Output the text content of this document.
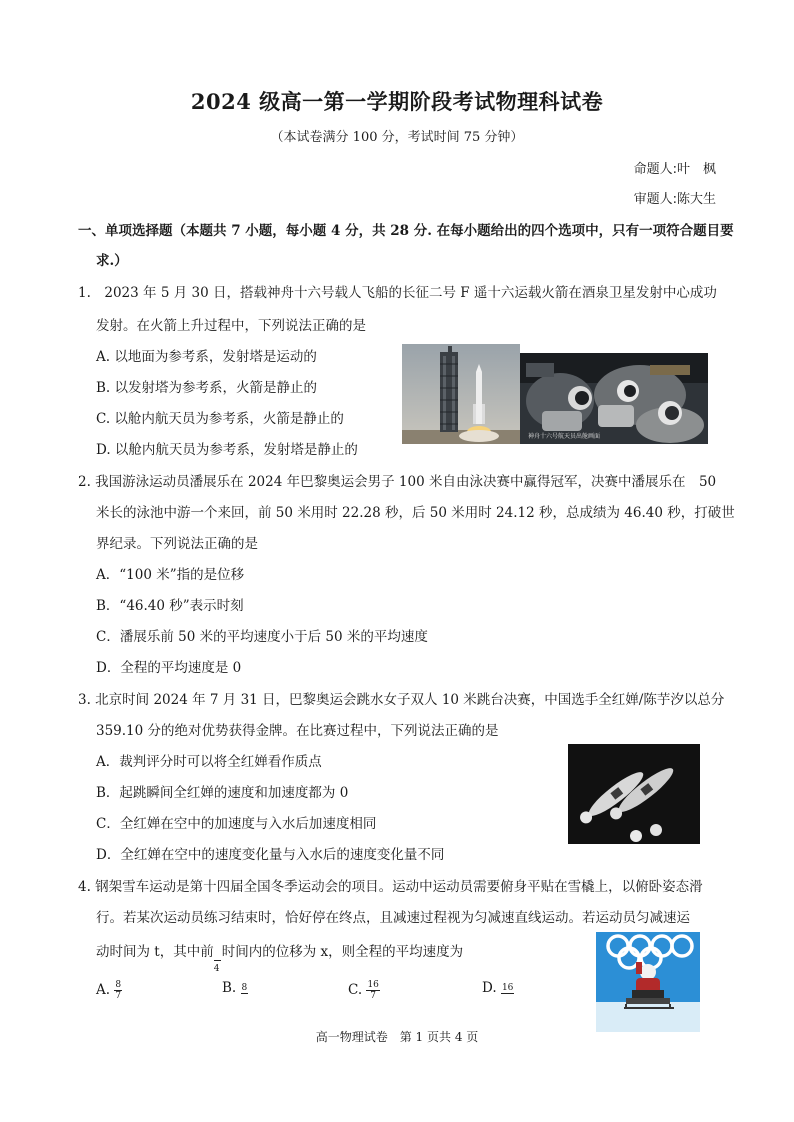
2024 级高一第一学期阶段考试物理科试卷
（本试卷满分 100 分，考试时间 75 分钟）
命题人:叶　枫
审题人:陈大生
一、单项选择题（本题共 7 小题，每小题 4 分，共 28 分. 在每小题给出的四个选项中，只有一项符合题目要
求.）
1.　2023 年 5 月 30 日，搭载神舟十六号载人飞船的长征二号 F 遥十六运载火箭在酒泉卫星发射中心成功
发射。在火箭上升过程中，下列说法正确的是
A. 以地面为参考系，发射塔是运动的
B. 以发射塔为参考系，火箭是静止的
C. 以舱内航天员为参考系，火箭是静止的
D. 以舱内航天员为参考系，发射塔是静止的
神舟十六号航天员出舱画面
2. 我国游泳运动员潘展乐在 2024 年巴黎奥运会男子 100 米自由泳决赛中赢得冠军，决赛中潘展乐在　50
米长的泳池中游一个来回，前 50 米用时 22.28 秒，后 50 米用时 24.12 秒，总成绩为 46.40 秒，打破世
界纪录。下列说法正确的是
A．“100 米”指的是位移
B．“46.40 秒”表示时刻
C．潘展乐前 50 米的平均速度小于后 50 米的平均速度
D．全程的平均速度是 0
3. 北京时间 2024 年 7 月 31 日，巴黎奥运会跳水女子双人 10 米跳台决赛，中国选手全红婵/陈芋汐以总分
359.10 分的绝对优势获得金牌。在比赛过程中，下列说法正确的是
A．裁判评分时可以将全红婵看作质点
B．起跳瞬间全红婵的速度和加速度都为 0
C．全红婵在空中的加速度与入水后加速度相同
D．全红婵在空中的速度变化量与入水后的速度变化量不同
4. 钢架雪车运动是第十四届全国冬季运动会的项目。运动中运动员需要俯身平贴在雪橇上，以俯卧姿态滑
行。若某次运动员练习结束时，恰好停在终点，且减速过程视为匀减速直线运动。若运动员匀减速运
动时间为 t，其中前
4
时间内的位移为 x，则全程的平均速度为
A. $\frac{8}{7}$	B. 8	C. $\frac{16}{7}$	D. 16
高一物理试卷　第 1 页共 4 页
